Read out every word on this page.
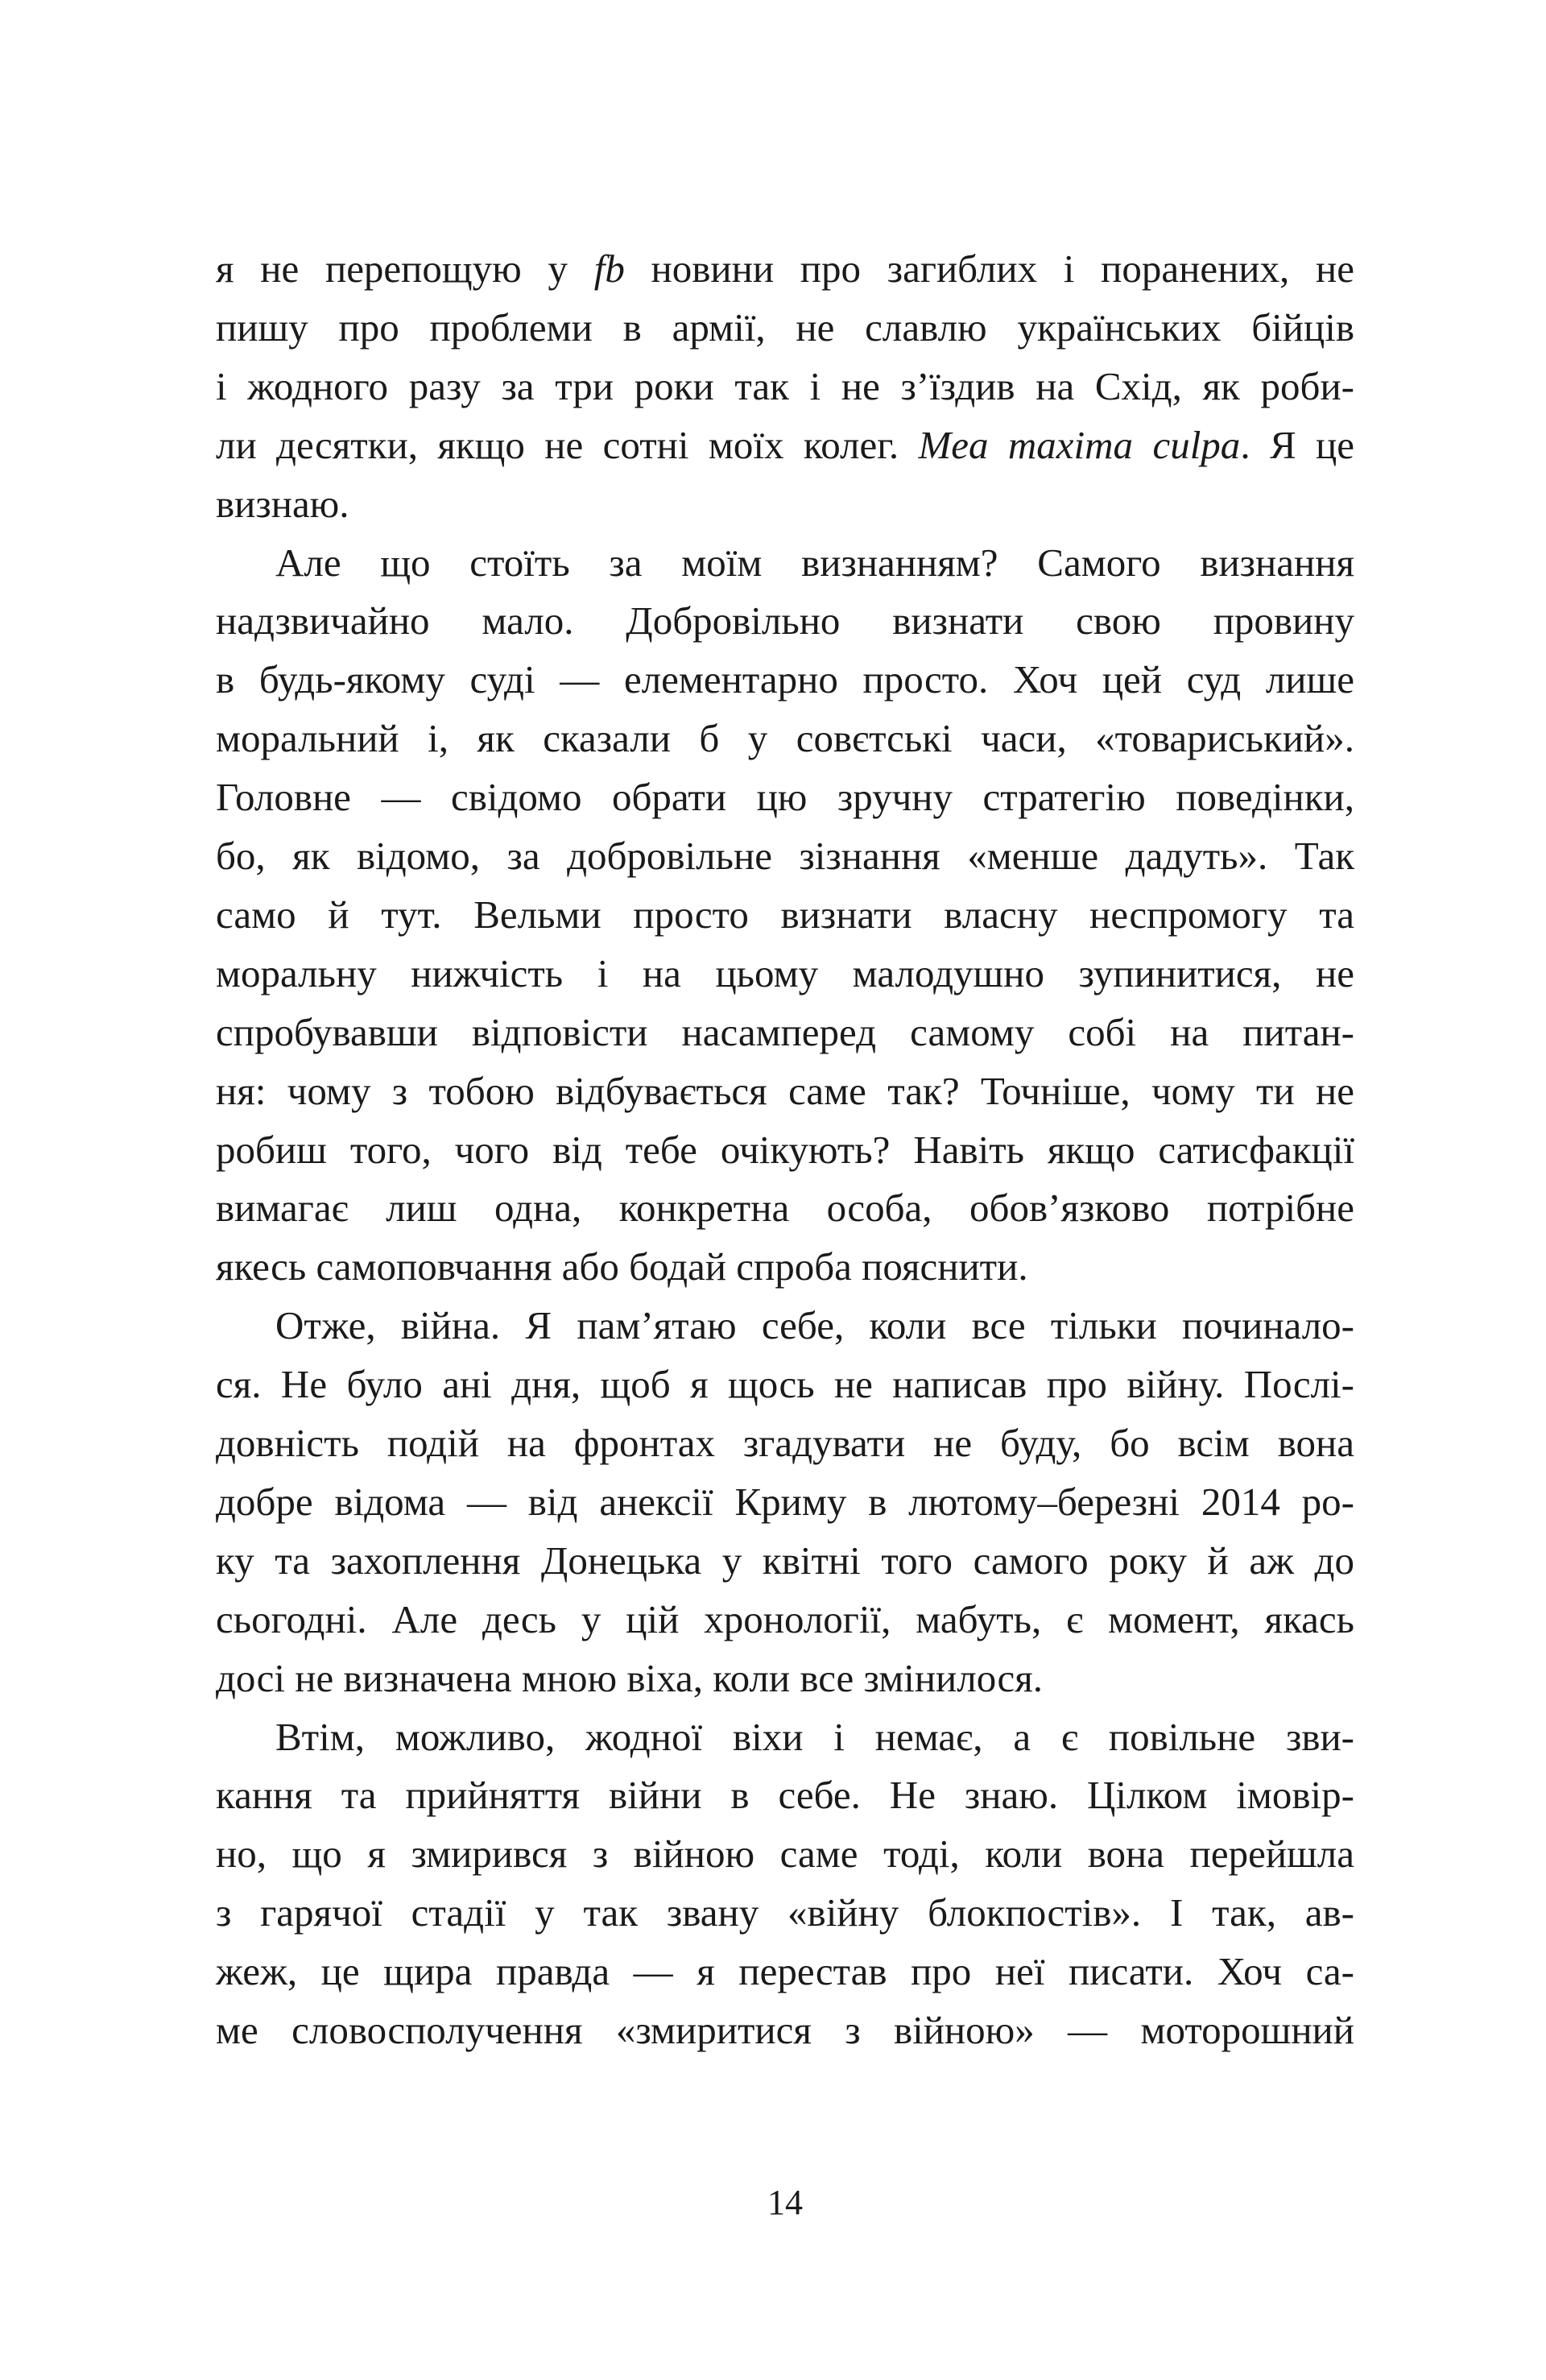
я не перепощую у fb новини про загиблих і поранених, не
пишу про проблеми в армії, не славлю українських бійців
і жодного разу за три роки так і не з’їздив на Схід, як роби-
ли десятки, якщо не сотні моїх колег. Mea maxima culpa. Я це
визнаю.
Але що стоїть за моїм визнанням? Самого визнання
надзвичайно мало. Добровільно визнати свою провину
в будь-якому суді — елементарно просто. Хоч цей суд лише
моральний і, як сказали б у совєтські часи, «товариський».
Головне — свідомо обрати цю зручну стратегію поведінки,
бо, як відомо, за добровільне зізнання «менше дадуть». Так
само й тут. Вельми просто визнати власну неспромогу та
моральну нижчість і на цьому малодушно зупинитися, не
спробувавши відповісти насамперед самому собі на питан-
ня: чому з тобою відбувається саме так? Точніше, чому ти не
робиш того, чого від тебе очікують? Навіть якщо сатисфакції
вимагає лиш одна, конкретна особа, обов’язково потрібне
якесь самоповчання або бодай спроба пояснити.
Отже, війна. Я пам’ятаю себе, коли все тільки починало-
ся. Не було ані дня, щоб я щось не написав про війну. Послі-
довність подій на фронтах згадувати не буду, бо всім вона
добре відома — від анексії Криму в лютому–березні 2014 ро-
ку та захоплення Донецька у квітні того самого року й аж до
сьогодні. Але десь у цій хронології, мабуть, є момент, якась
досі не визначена мною віха, коли все змінилося.
Втім, можливо, жодної віхи і немає, а є повільне зви-
кання та прийняття війни в себе. Не знаю. Цілком імовір-
но, що я змирився з війною саме тоді, коли вона перейшла
з гарячої стадії у так звану «війну блокпостів». І так, ав-
жеж, це щира правда — я перестав про неї писати. Хоч са-
ме словосполучення «змиритися з війною» — моторошний
14
